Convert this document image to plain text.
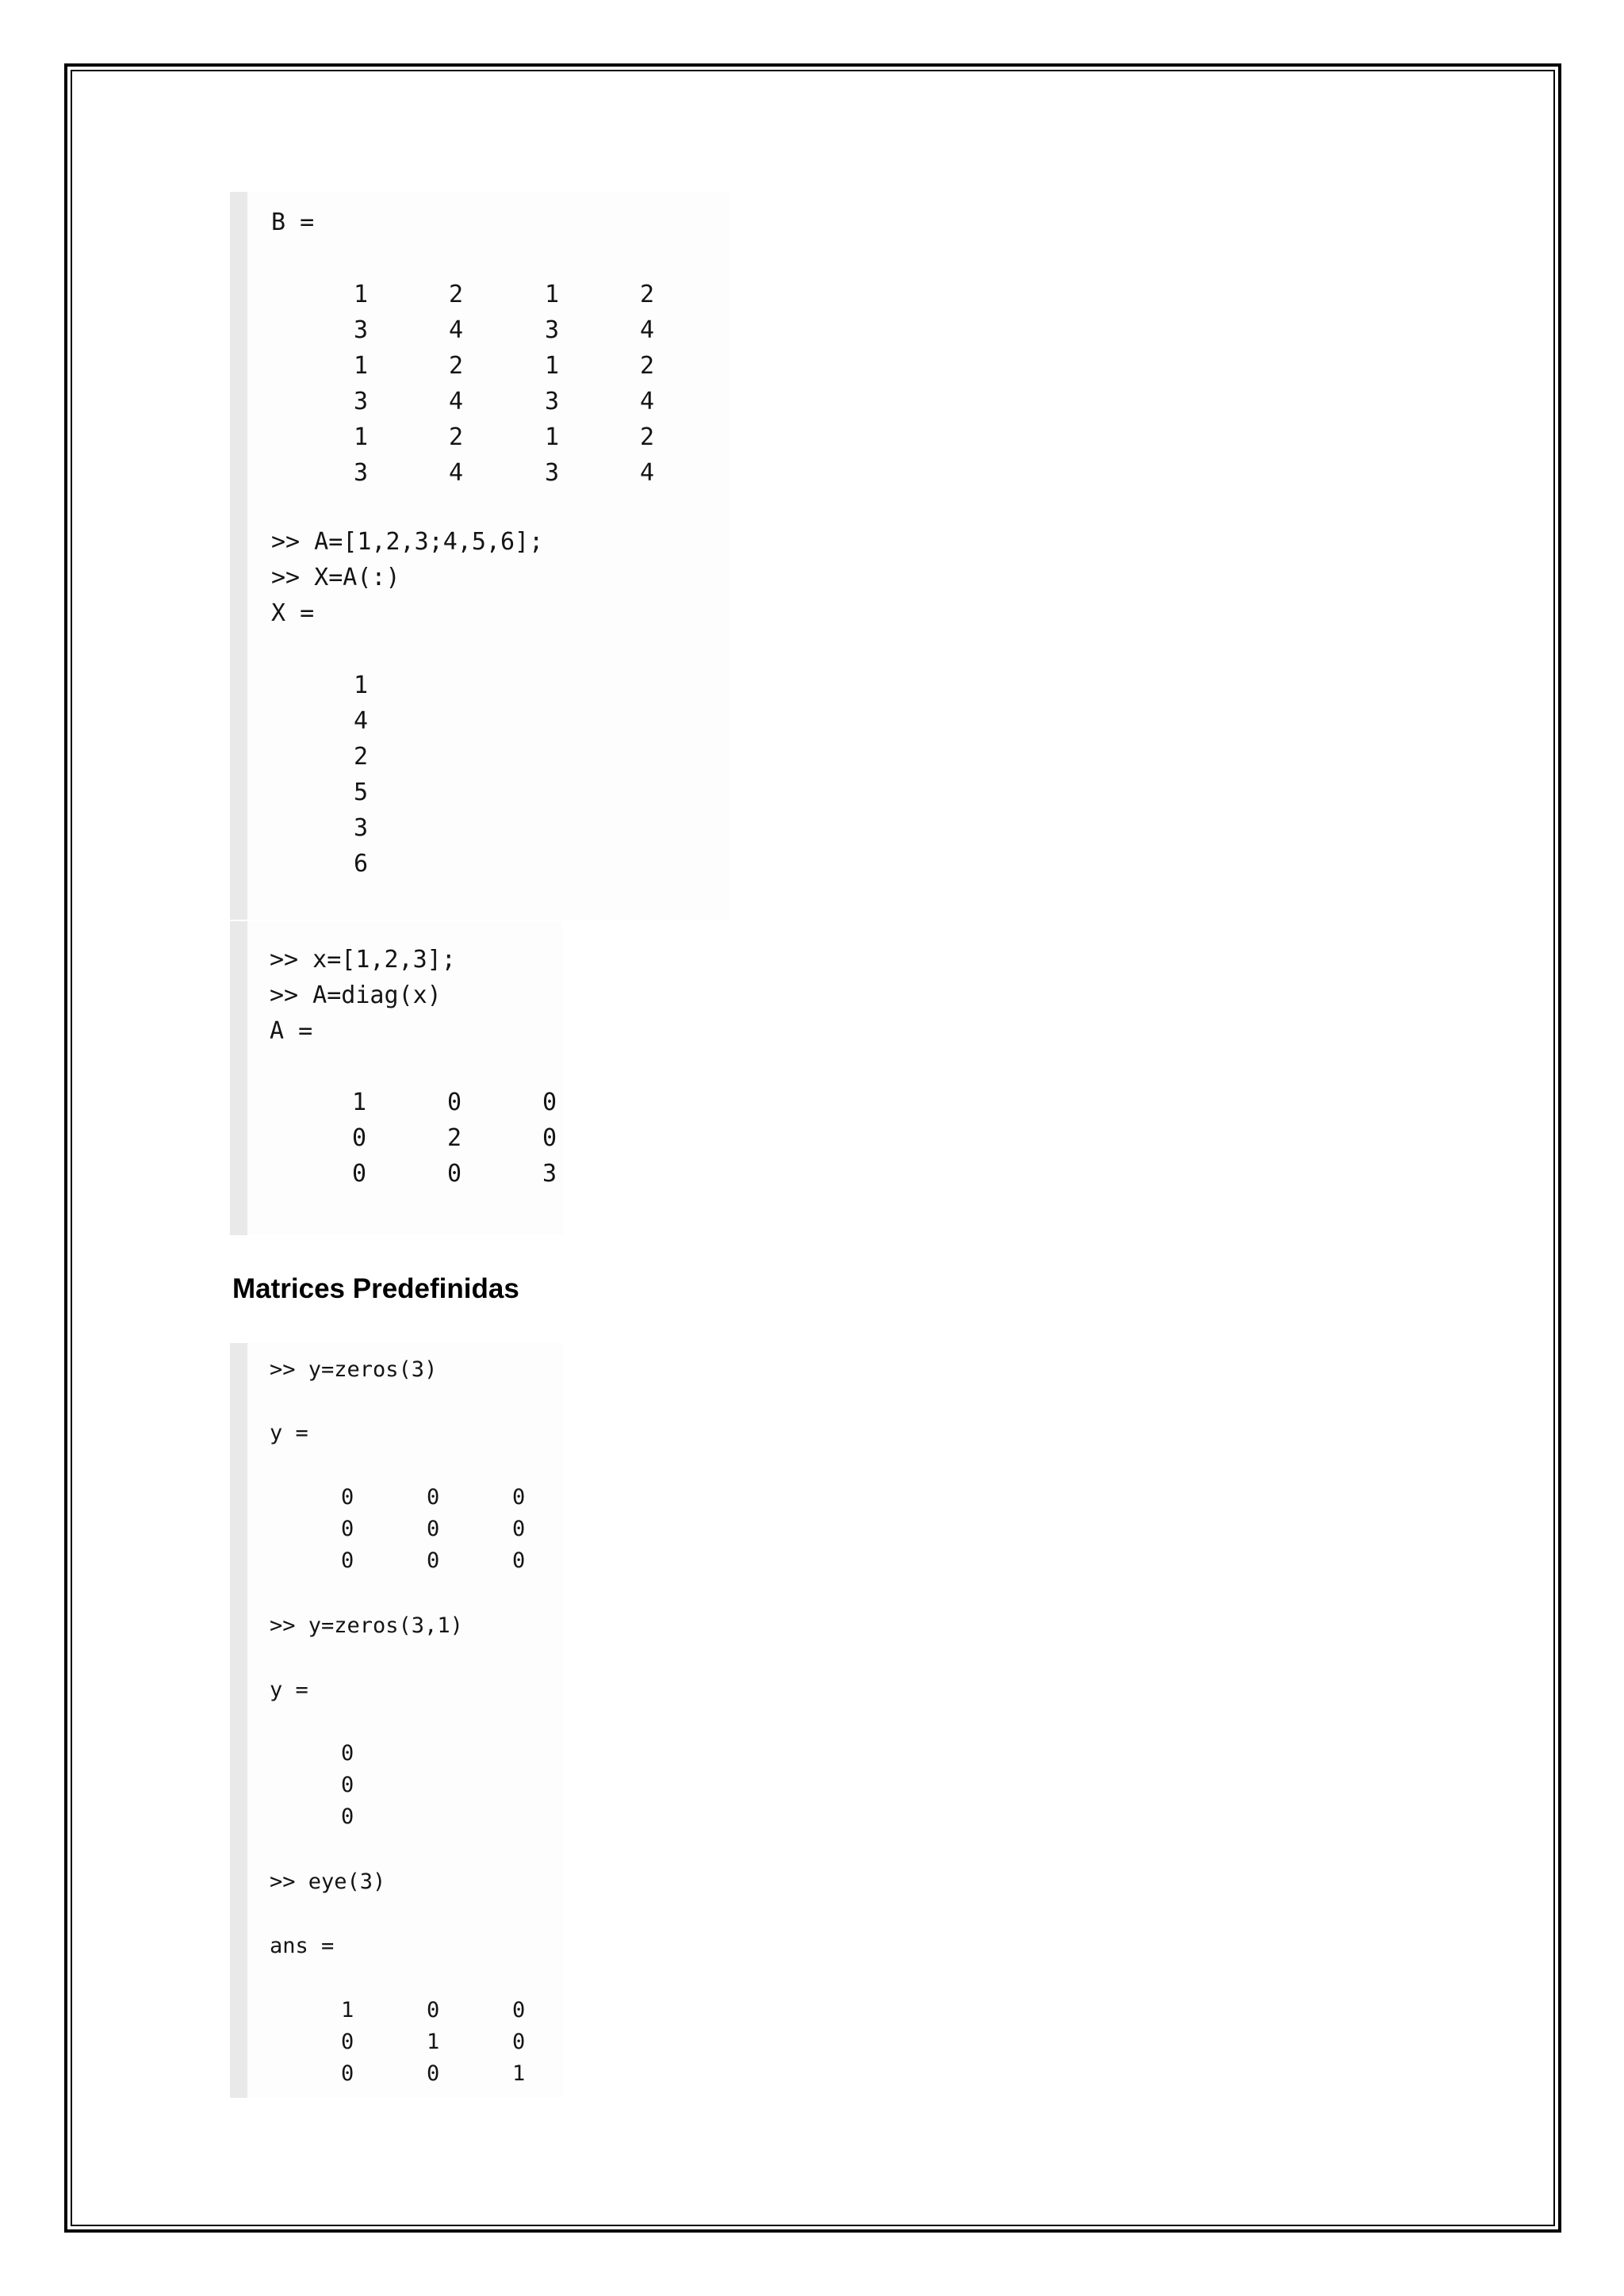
B =
1	2	1	2
3	4	3	4
1	2	1	2
3	4	3	4
1	2	1	2
3	4	3	4
>> A=[1,2,3;4,5,6];
>> X=A(:)
X =
1
4
2
5
3
6
>> x=[1,2,3];
>> A=diag(x)
A =
1	0	0
0	2	0
0	0	3
Matrices Predefinidas
>> y=zeros(3)
y =
0	0	0
0	0	0
0	0	0
>> y=zeros(3,1)
y =
0
0
0
>> eye(3)
ans =
1	0	0
0	1	0
0	0	1
